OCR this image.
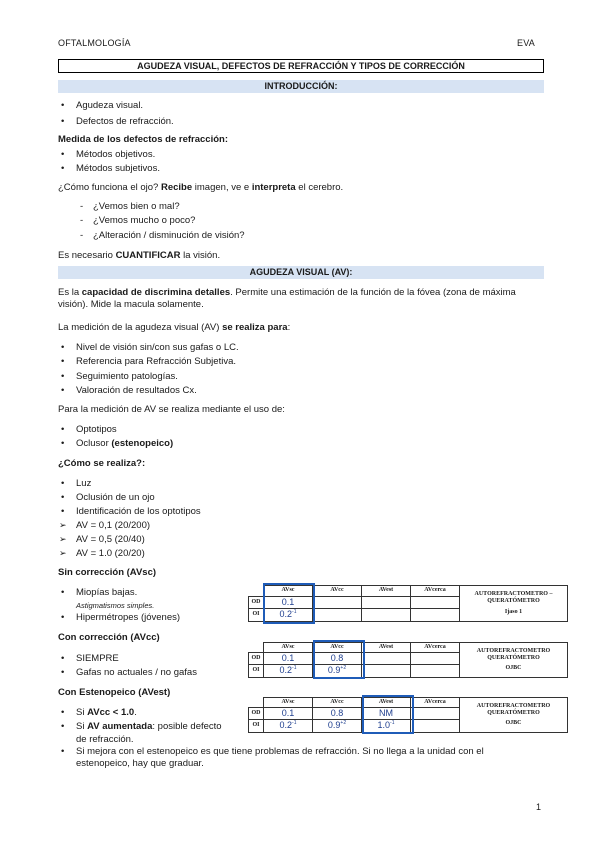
OFTALMOLOGÍA	EVA
AGUDEZA VISUAL, DEFECTOS DE REFRACCIÓN Y TIPOS DE CORRECCIÓN
INTRODUCCIÓN:
• Agudeza visual.
• Defectos de refracción.
Medida de los defectos de refracción:
• Métodos objetivos.
• Métodos subjetivos.
¿Cómo funciona el ojo? Recibe imagen, ve e interpreta el cerebro.
- ¿Vemos bien o mal?
- ¿Vemos mucho o poco?
- ¿Alteración / disminución de visión?
Es necesario CUANTIFICAR la visión.
AGUDEZA VISUAL (AV):
Es la capacidad de discrimina detalles. Permite una estimación de la función de la fóvea (zona de máxima
visión). Mide la macula solamente.
La medición de la agudeza visual (AV) se realiza para:
• Nivel de visión sin/con sus gafas o LC.
• Referencia para Refracción Subjetiva.
• Seguimiento patologías.
• Valoración de resultados Cx.
Para la medición de AV se realiza mediante el uso de:
• Optotipos
• Oclusor (estenopeico)
¿Cómo se realiza?:
• Luz
• Oclusión de un ojo
• Identificación de los optotipos
➢ AV = 0,1 (20/200)
➢ AV = 0,5 (20/40)
➢ AV = 1.0 (20/20)
Sin corrección (AVsc)
• Miopías bajas.
Astigmatismos simples.
• Hipermétropes (jóvenes)
	AVsc	AVcc	AVest	AVcerca	AUTOREFRACTOMETRO – QUERATÓMETRO
Ijaso 1

OD	0.1				
OI	$0.2^{-1}$			
Con corrección (AVcc)
• SIEMPRE
• Gafas no actuales / no gafas
	AVsc	AVcc	AVest	AVcerca	AUTOREFRACTOMETRO QUERATÓMETRO
OJBC

OD	0.1	0.8			
OI	$0.2^{-1}$	$0.9^{+2}$		
Con Estenopeico (AVest)
• Si AVcc < 1.0.
• Si AV aumentada: posible defecto
de refracción.
	AVsc	AVcc	AVest	AVcerca	AUTOREFRACTOMETRO QUERATÓMETRO
OJBC

OD	0.1	0.8	NM		
OI	$0.2^{-1}$	$0.9^{+2}$	$1.0^{-1}$	
• Si mejora con el estenopeico es que tiene problemas de refracción. Si no llega a la unidad con el
estenopeico, hay que graduar.
1
